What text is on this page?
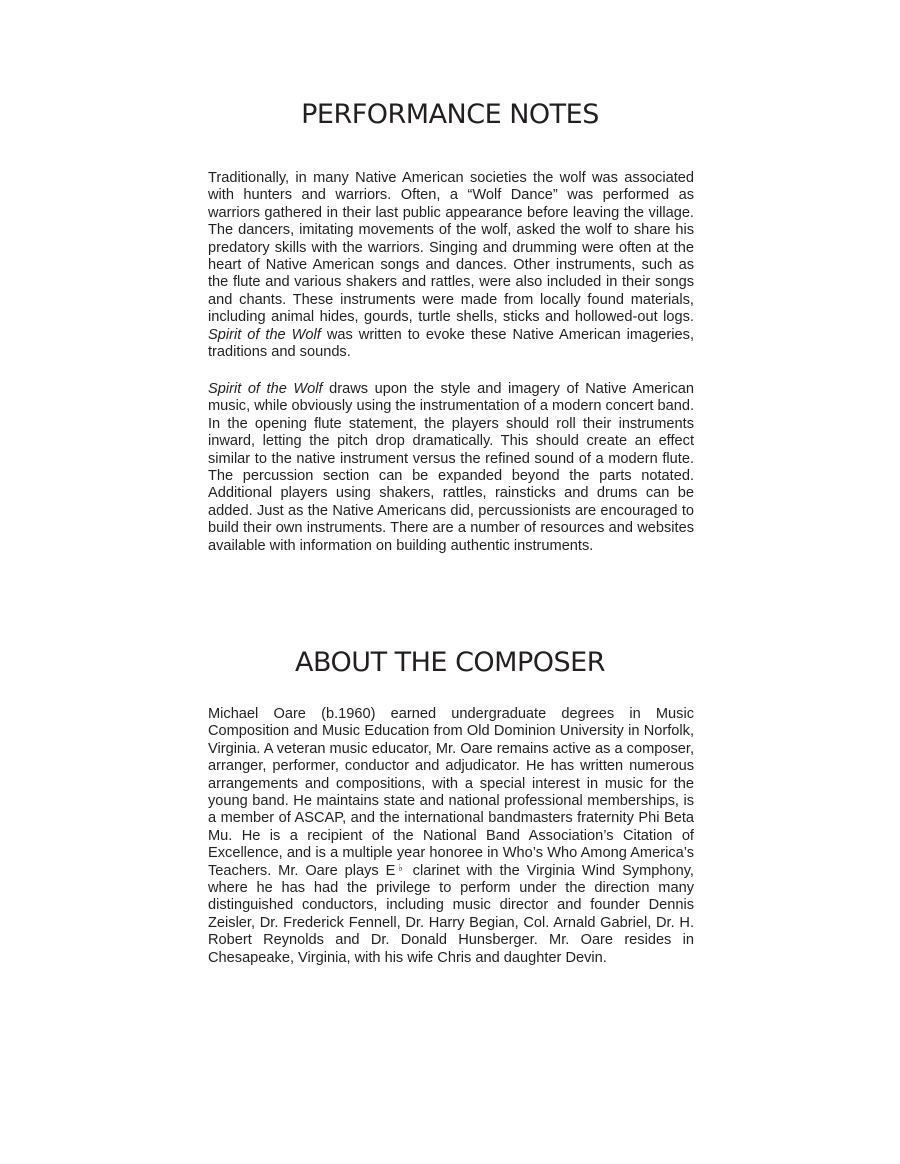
PERFORMANCE NOTES

Traditionally, in many Native American societies the wolf was associated with hunters and warriors. Often, a “Wolf Dance” was performed as warriors gathered in their last public appearance before leaving the village. The dancers, imitating movements of the wolf, asked the wolf to share his predatory skills with the warriors. Singing and drumming were often at the heart of Native American songs and dances. Other instruments, such as the flute and various shakers and rattles, were also included in their songs and chants. These instruments were made from locally found materials, including animal hides, gourds, turtle shells, sticks and hollowed-out logs. Spirit of the Wolf was written to evoke these Native American imageries, traditions and sounds.

Spirit of the Wolf draws upon the style and imagery of Native American music, while obviously using the instrumentation of a modern concert band. In the opening flute statement, the players should roll their instruments inward, letting the pitch drop dramatically. This should create an effect similar to the native instrument versus the refined sound of a modern flute. The percussion section can be expanded beyond the parts notated. Additional players using shakers, rattles, rainsticks and drums can be added. Just as the Native Americans did, percussionists are encouraged to build their own instruments. There are a number of resources and websites available with information on building authentic instruments.

ABOUT THE COMPOSER

Michael Oare (b.1960) earned undergraduate degrees in Music Composition and Music Education from Old Dominion University in Norfolk, Virginia. A veteran music educator, Mr. Oare remains active as a composer, arranger, performer, conductor and adjudicator. He has written numerous arrangements and compositions, with a special interest in music for the young band. He maintains state and national professional memberships, is a member of ASCAP, and the international bandmasters fraternity Phi Beta Mu. He is a recipient of the National Band Association’s Citation of Excellence, and is a multiple year honoree in Who’s Who Among America’s Teachers. Mr. Oare plays E♭ clarinet with the Virginia Wind Symphony, where he has had the privilege to perform under the direction many distinguished conductors, including music director and founder Dennis Zeisler, Dr. Frederick Fennell, Dr. Harry Begian, Col. Arnald Gabriel, Dr. H. Robert Reynolds and Dr. Donald Hunsberger. Mr. Oare resides in Chesapeake, Virginia, with his wife Chris and daughter Devin.
